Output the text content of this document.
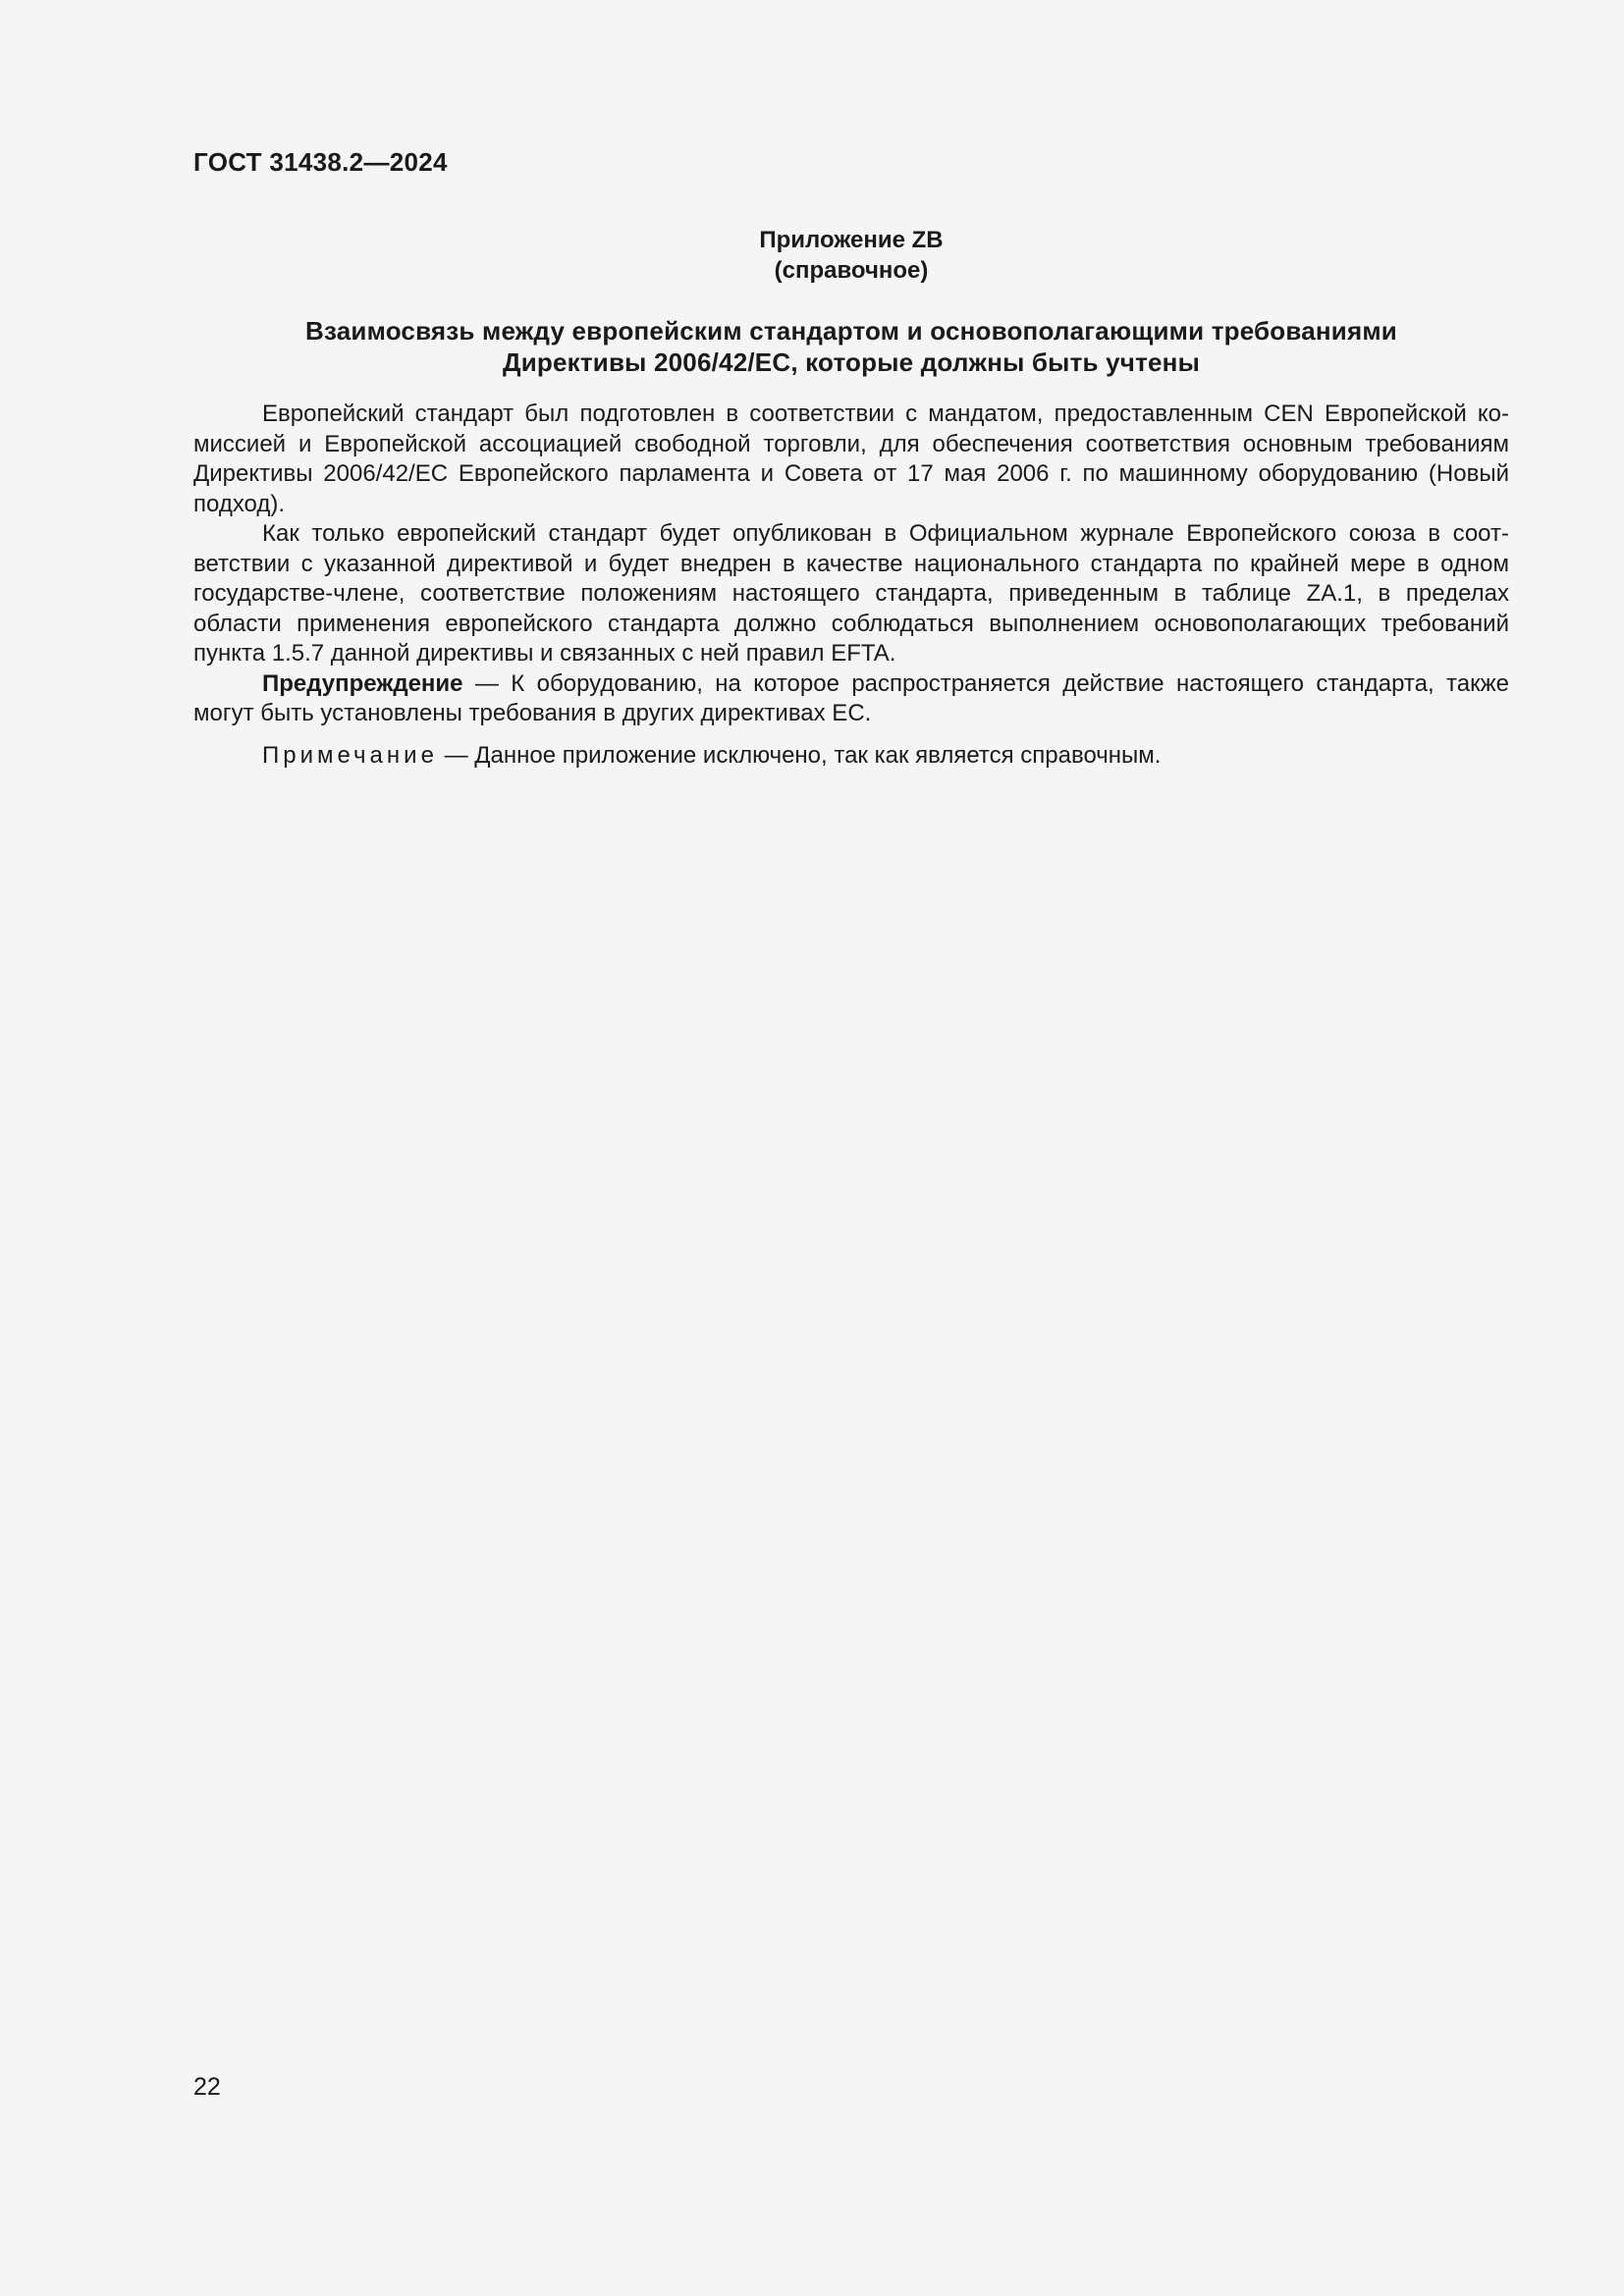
ГОСТ 31438.2—2024
Приложение ZB
(справочное)
Взаимосвязь между европейским стандартом и основополагающими требованиями
Директивы 2006/42/ЕС, которые должны быть учтены

Европейский стандарт был подготовлен в соответствии с мандатом, предоставленным CEN Европейской комиссией и Европейской ассоциацией свободной торговли, для обеспечения соответствия основным требованиям Директивы 2006/42/ЕС Европейского парламента и Совета от 17 мая 2006 г. по машинному оборудованию (Новый подход).

Как только европейский стандарт будет опубликован в Официальном журнале Европейского союза в соответствии с указанной директивой и будет внедрен в качестве национального стандарта по крайней мере в одном государстве-члене, соответствие положениям настоящего стандарта, приведенным в таблице ZA.1, в пределах области применения европейского стандарта должно соблюдаться выполнением основополагающих требований пункта 1.5.7 данной директивы и связанных с ней правил EFTA.

Предупреждение — К оборудованию, на которое распространяется действие настоящего стандарта, также могут быть установлены требования в других директивах ЕС.

Примечание — Данное приложение исключено, так как является справочным.

22
